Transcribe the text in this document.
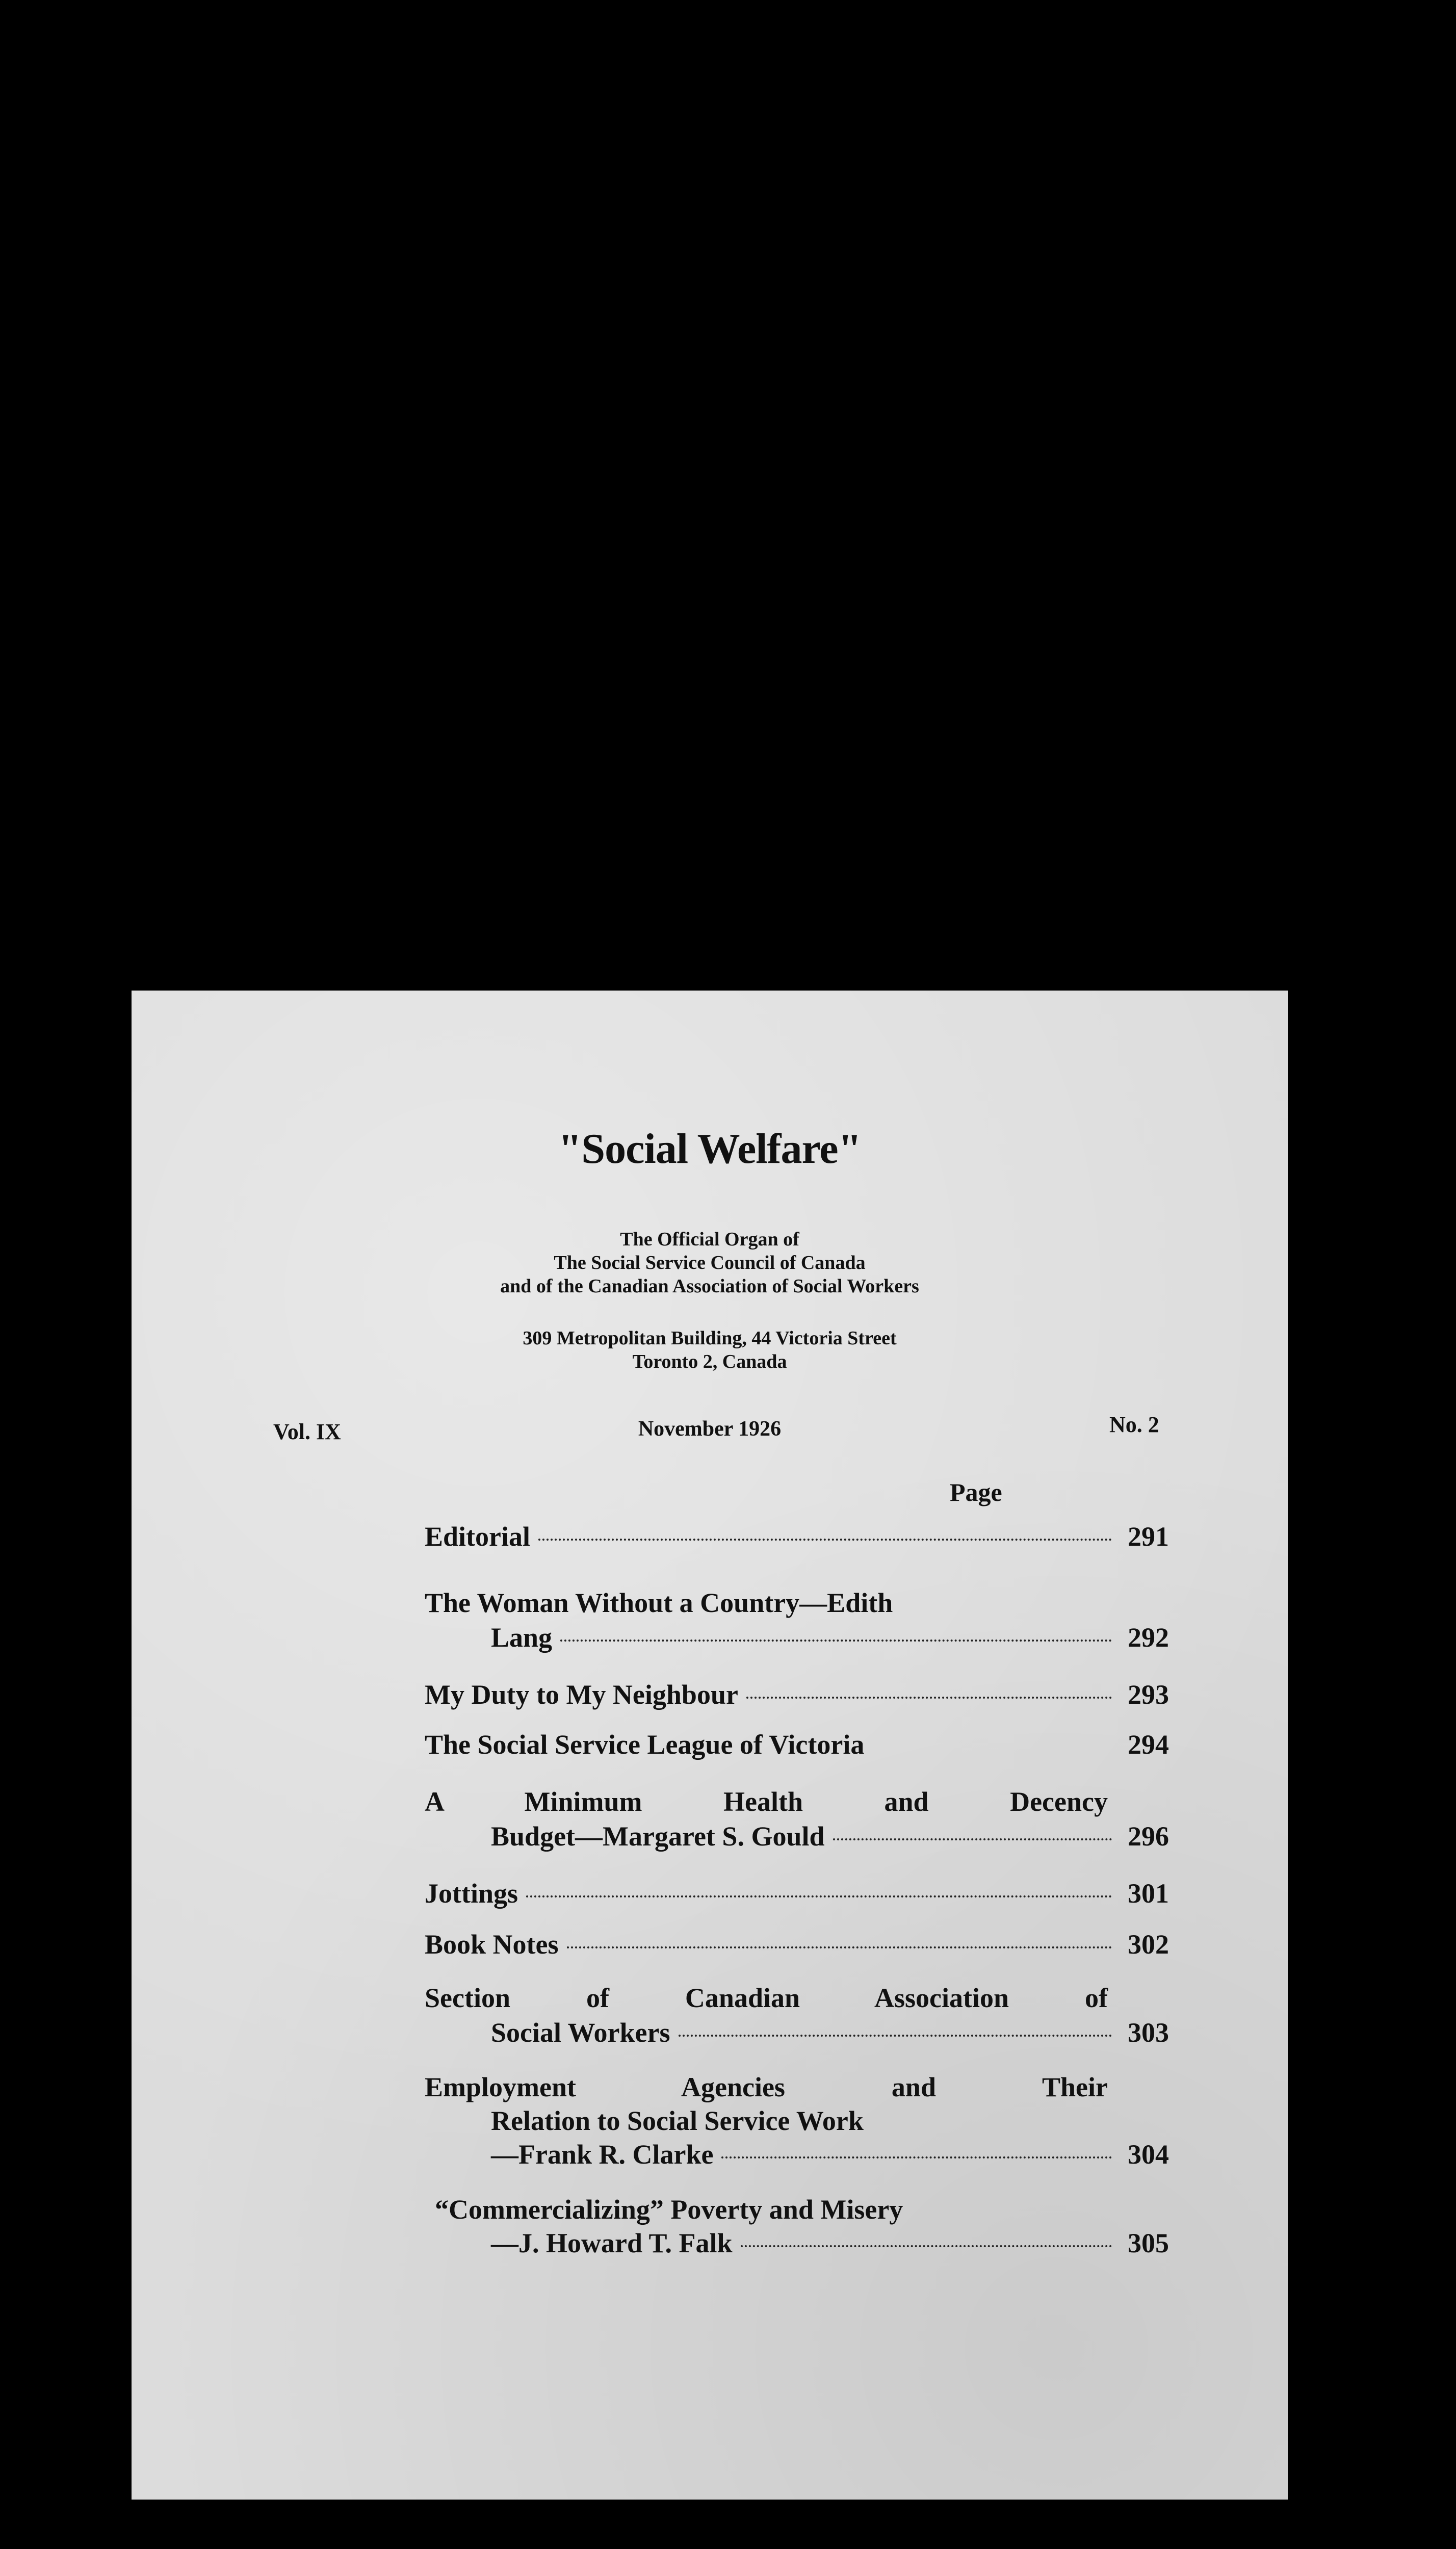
"Social Welfare"
The Official Organ of
The Social Service Council of Canada
and of the Canadian Association of Social Workers
309 Metropolitan Building, 44 Victoria Street
Toronto 2, Canada
Vol. IX	November 1926	No. 2
Page
Editorial	291
The Woman Without a Country—Edith
Lang	292
My Duty to My Neighbour	293
The Social Service League of Victoria	294
A Minimum Health and Decency
Budget—Margaret S. Gould	296
Jottings	301
Book Notes	302
Section of Canadian Association of
Social Workers	303
Employment Agencies and Their
Relation to Social Service Work
—Frank R. Clarke	304
“Commercializing” Poverty and Misery
—J. Howard T. Falk	305
